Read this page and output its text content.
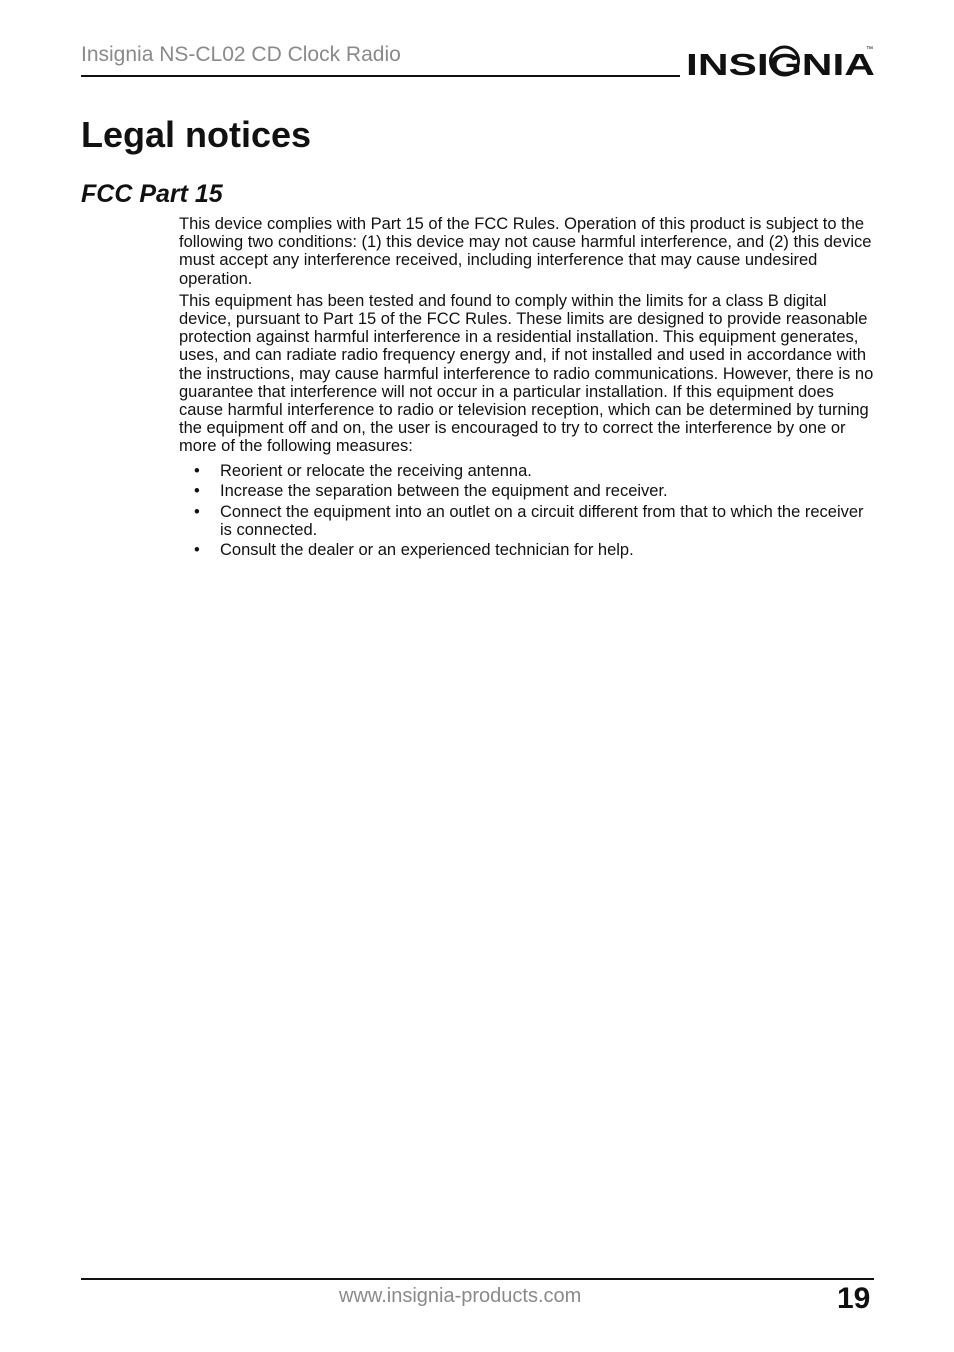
Insignia NS-CL02 CD Clock Radio	INSIGNIA
™
Legal notices
FCC Part 15

This device complies with Part 15 of the FCC Rules. Operation of this product is subject to the following two conditions: (1) this device may not cause harmful interference, and (2) this device must accept any interference received, including interference that may cause undesired operation.

This equipment has been tested and found to comply within the limits for a class B digital device, pursuant to Part 15 of the FCC Rules. These limits are designed to provide reasonable protection against harmful interference in a residential installation. This equipment generates, uses, and can radiate radio frequency energy and, if not installed and used in accordance with the instructions, may cause harmful interference to radio communications. However, there is no guarantee that interference will not occur in a particular installation. If this equipment does cause harmful interference to radio or television reception, which can be determined by turning the equipment off and on, the user is encouraged to try to correct the interference by one or more of the following measures:

• Reorient or relocate the receiving antenna.
• Increase the separation between the equipment and receiver.
• Connect the equipment into an outlet on a circuit different from that to which the receiver is connected.
• Consult the dealer or an experienced technician for help.
www.insignia-products.com	19
